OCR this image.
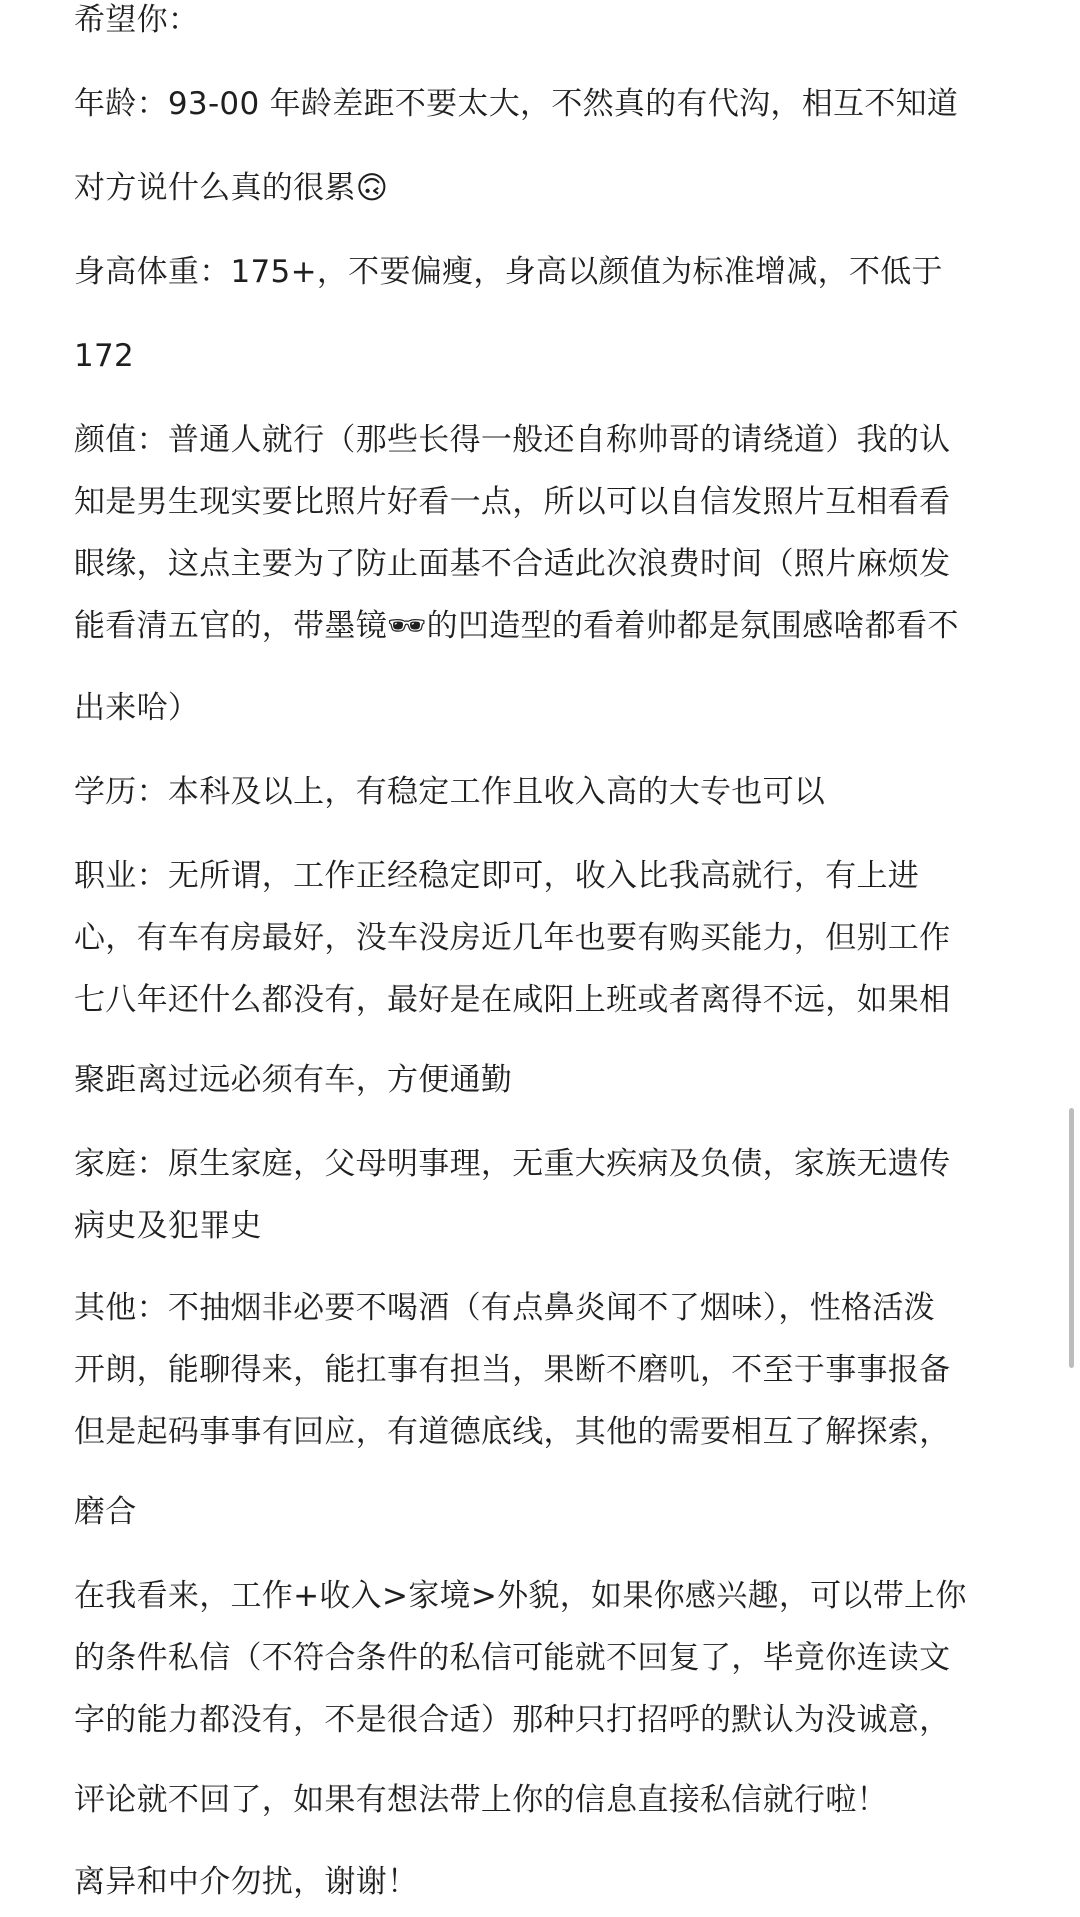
希望你：
年龄：93-00 年龄差距不要太大，不然真的有代沟，相互不知道
对方说什么真的很累🙃
身高体重：175+，不要偏瘦，身高以颜值为标准增减，不低于
172
颜值：普通人就行（那些长得一般还自称帅哥的请绕道）我的认
知是男生现实要比照片好看一点，所以可以自信发照片互相看看
眼缘，这点主要为了防止面基不合适此次浪费时间（照片麻烦发
能看清五官的，带墨镜🕶的凹造型的看着帅都是氛围感啥都看不
出来哈）
学历：本科及以上，有稳定工作且收入高的大专也可以
职业：无所谓，工作正经稳定即可，收入比我高就行，有上进
心，有车有房最好，没车没房近几年也要有购买能力，但别工作
七八年还什么都没有，最好是在咸阳上班或者离得不远，如果相
聚距离过远必须有车，方便通勤
家庭：原生家庭，父母明事理，无重大疾病及负债，家族无遗传
病史及犯罪史
其他：不抽烟非必要不喝酒（有点鼻炎闻不了烟味），性格活泼
开朗，能聊得来，能扛事有担当，果断不磨叽，不至于事事报备
但是起码事事有回应，有道德底线，其他的需要相互了解探索，
磨合
在我看来，工作+收入>家境>外貌，如果你感兴趣，可以带上你
的条件私信（不符合条件的私信可能就不回复了，毕竟你连读文
字的能力都没有，不是很合适）那种只打招呼的默认为没诚意，
评论就不回了，如果有想法带上你的信息直接私信就行啦！
离异和中介勿扰，谢谢！
